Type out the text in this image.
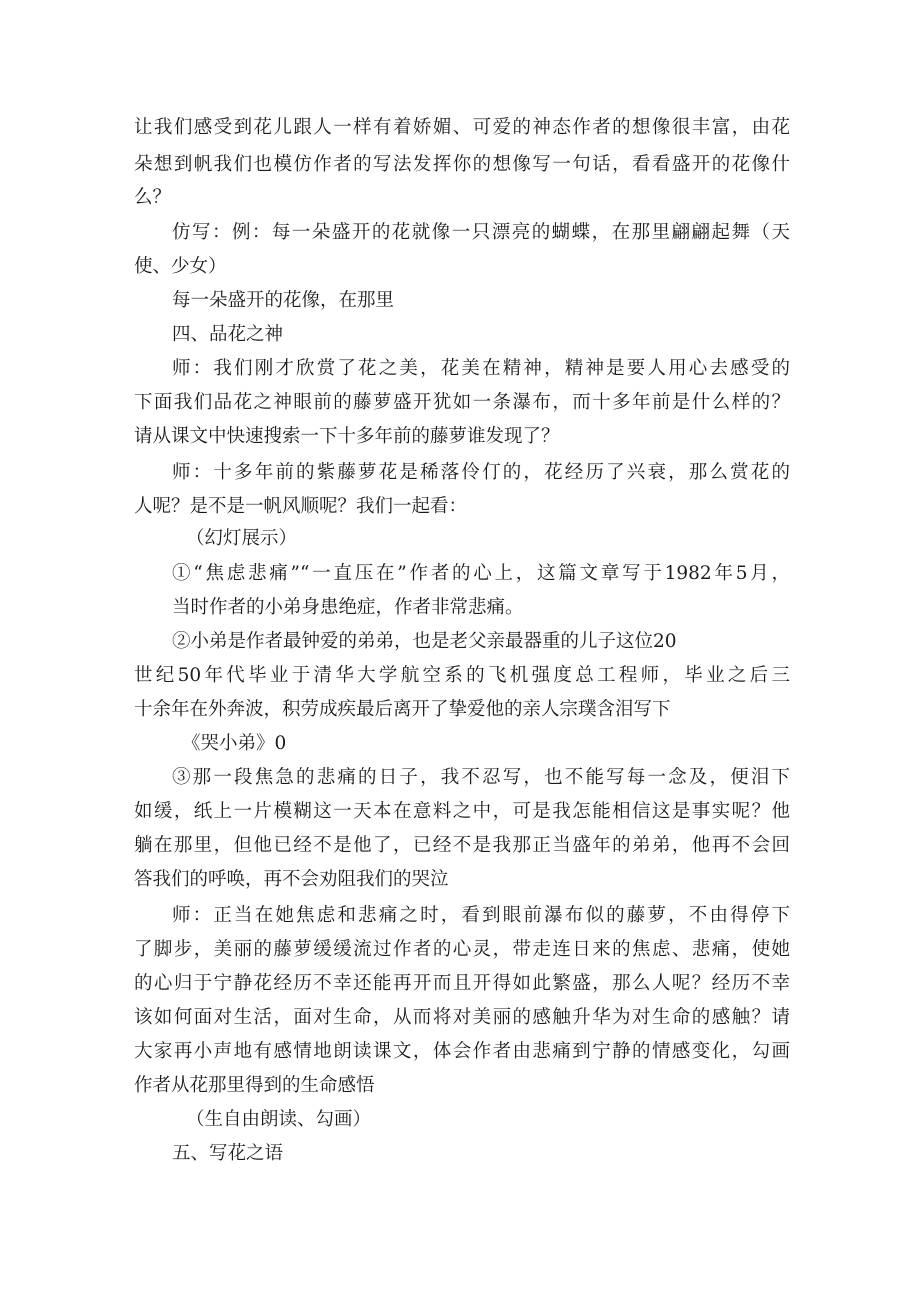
让我们感受到花儿跟人一样有着娇媚、可爱的神态作者的想像很丰富，由花

朵想到帆我们也模仿作者的写法发挥你的想像写一句话，看看盛开的花像什

么？

仿写：例：每一朵盛开的花就像一只漂亮的蝴蝶，在那里翩翩起舞（天

使、少女）

每一朵盛开的花像，在那里

四、品花之神

师：我们刚才欣赏了花之美，花美在精神，精神是要人用心去感受的

下面我们品花之神眼前的藤萝盛开犹如一条瀑布，而十多年前是什么样的？

请从课文中快速搜索一下十多年前的藤萝谁发现了？

师：十多年前的紫藤萝花是稀落伶仃的，花经历了兴衰，那么赏花的

人呢？是不是一帆风顺呢？我们一起看：

（幻灯展示）

①“焦虑悲痛”“一直压在”作者的心上，这篇文章写于1982年5月，

当时作者的小弟身患绝症，作者非常悲痛。

②小弟是作者最钟爱的弟弟，也是老父亲最器重的儿子这位20

世纪50年代毕业于清华大学航空系的飞机强度总工程师，毕业之后三

十余年在外奔波，积劳成疾最后离开了挚爱他的亲人宗璞含泪写下

《哭小弟》0

③那一段焦急的悲痛的日子，我不忍写，也不能写每一念及，便泪下

如缓，纸上一片模糊这一天本在意料之中，可是我怎能相信这是事实呢？他

躺在那里，但他已经不是他了，已经不是我那正当盛年的弟弟，他再不会回

答我们的呼唤，再不会劝阻我们的哭泣

师：正当在她焦虑和悲痛之时，看到眼前瀑布似的藤萝，不由得停下

了脚步，美丽的藤萝缓缓流过作者的心灵，带走连日来的焦虑、悲痛，使她

的心归于宁静花经历不幸还能再开而且开得如此繁盛，那么人呢？经历不幸

该如何面对生活，面对生命，从而将对美丽的感触升华为对生命的感触？请

大家再小声地有感情地朗读课文，体会作者由悲痛到宁静的情感变化，勾画

作者从花那里得到的生命感悟

（生自由朗读、勾画）

五、写花之语
